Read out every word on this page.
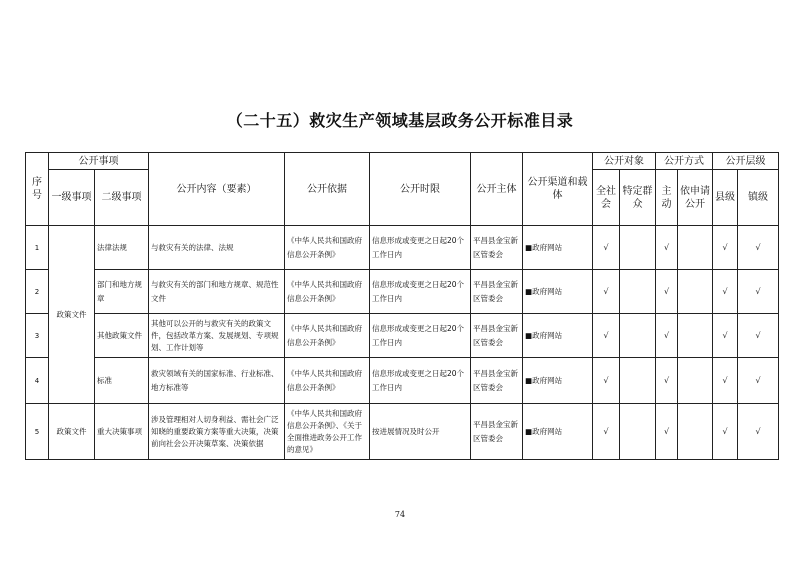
（二十五）救灾生产领域基层政务公开标准目录
序号	公开事项		公开内容（要素）	公开依据	公开时限	公开主体	公开渠道和载体	公开对象		公开方式		公开层级	
	一级事项	二级事项						全社会	特定群众	主动	依申请公开	县级	镇级
1	政策文件	法律法规	与救灾有关的法律、法规	《中华人民共和国政府信息公开条例》	信息形成或变更之日起20个工作日内	平昌县金宝新区管委会	■政府网站	√		√		√	√
2		部门和地方规章	与救灾有关的部门和地方规章、规范性文件	《中华人民共和国政府信息公开条例》	信息形成或变更之日起20个工作日内	平昌县金宝新区管委会	■政府网站	√		√		√	√
3		其他政策文件	其他可以公开的与救灾有关的政策文件，包括改革方案、发展规划、专项规划、工作计划等	《中华人民共和国政府信息公开条例》	信息形成或变更之日起20个工作日内	平昌县金宝新区管委会	■政府网站	√		√		√	√
4		标准	救灾领域有关的国家标准、行业标准、地方标准等	《中华人民共和国政府信息公开条例》	信息形成或变更之日起20个工作日内	平昌县金宝新区管委会	■政府网站	√		√		√	√
5	政策文件	重大决策事项	涉及管理相对人切身利益、需社会广泛知晓的重要政策方案等重大决策，决策前向社会公开决策草案、决策依据	《中华人民共和国政府信息公开条例》、《关于全面推进政务公开工作的意见》	按进展情况及时公开	平昌县金宝新区管委会	■政府网站	√		√		√	√
74
